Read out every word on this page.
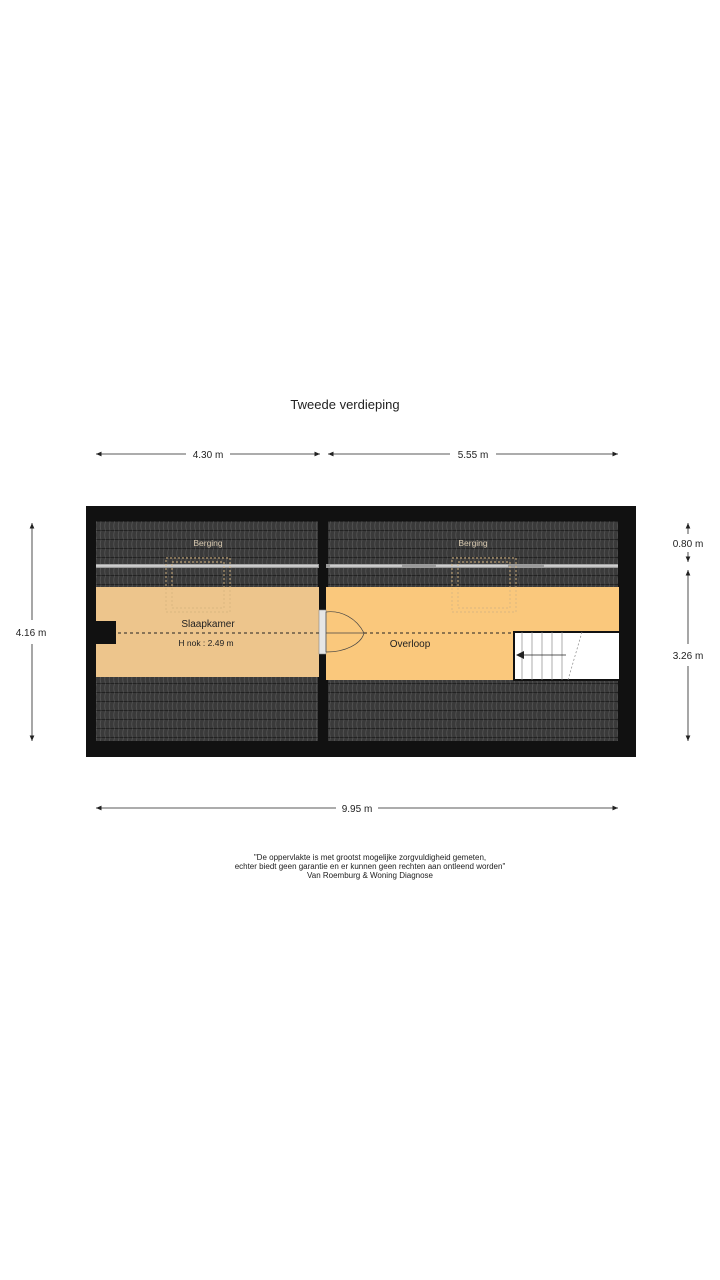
Tweede verdieping
4.30 m	5.55 m
4.16 m
0.80 m
3.26 m
Berging	Berging
Slaapkamer
H nok : 2.49 m	Overloop
9.95 m
"De oppervlakte is met grootst mogelijke zorgvuldigheid gemeten,
echter biedt geen garantie en er kunnen geen rechten aan ontleend worden"
Van Roemburg & Woning Diagnose
